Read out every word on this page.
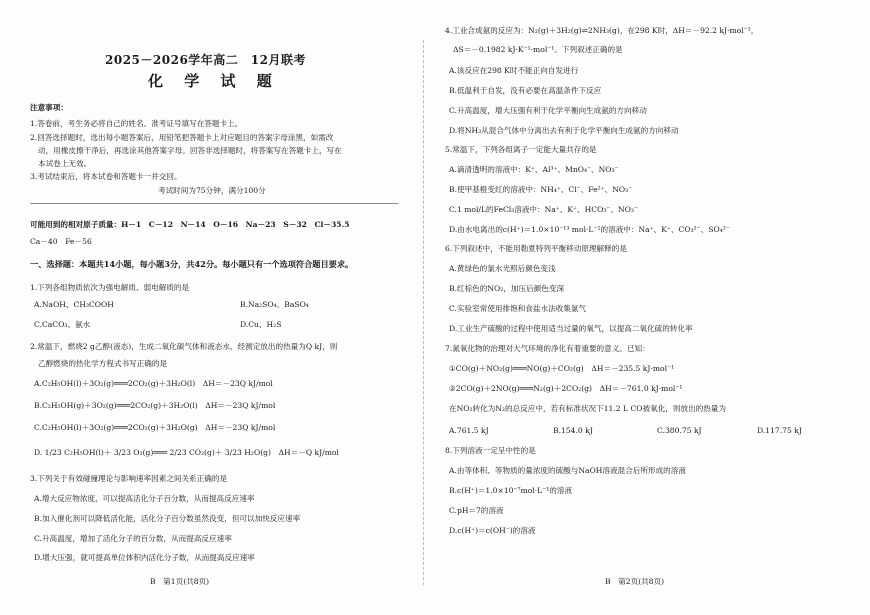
2025－2026学年高二　12月联考
化 学 试 题
注意事项：
1.答卷前，考生务必将自己的姓名、准考证号填写在答题卡上。
2.回答选择题时，选出每小题答案后，用铅笔把答题卡上对应题目的答案字母涂黑，如需改
动，用橡皮擦干净后，再选涂其他答案字母。回答非选择题时，将答案写在答题卡上，写在
本试卷上无效。
3.考试结束后，将本试卷和答题卡一并交回。
考试时间为75分钟，满分100分
可能用到的相对原子质量：H－1　C－12　N－14　O－16　Na－23　S－32　Cl－35.5
Ca－40　Fe－56
一、选择题：本题共14小题，每小题3分，共42分。每小题只有一个选项符合题目要求。
1.下列各组物质依次为强电解质、弱电解质的是
A.NaOH、CH₃COOH	B.Na₂SO₄、BaSO₄
C.CaCO₃、氨水	D.Cu、H₂S
2.常温下，燃烧2 g乙醇(液态)，生成二氧化碳气体和液态水，经测定放出的热量为Q kJ，则
乙醇燃烧的热化学方程式书写正确的是
A.C₂H₅OH(l)＋3O₂(g)═══2CO₂(g)＋3H₂O(l)　ΔH＝－23Q kJ/mol
B.C₂H₅OH(g)＋3O₂(g)═══2CO₂(g)＋3H₂O(l)　ΔH＝－23Q kJ/mol
C.C₂H₅OH(l)＋3O₂(g)═══2CO₂(g)＋3H₂O(g)　ΔH＝－23Q kJ/mol
D. 1/23 C₂H₅OH(l)＋ 3/23 O₂(g)═══ 2/23 CO₂(g)＋ 3/23 H₂O(g)　ΔH＝－Q kJ/mol
3.下列关于有效碰撞理论与影响速率因素之间关系正确的是
A.增大反应物浓度，可以提高活化分子百分数，从而提高反应速率
B.加入催化剂可以降低活化能，活化分子百分数虽然没变，但可以加快反应速率
C.升高温度，增加了活化分子的百分数，从而提高反应速率
D.增大压强，就可提高单位体积内活化分子数，从而提高反应速率
B　第1页(共8页)
4.工业合成氨的反应为：N₂(g)＋3H₂(g)⇌2NH₃(g)，在298 K时，ΔH＝－92.2 kJ·mol⁻¹，
ΔS＝－0.1982 kJ·K⁻¹·mol⁻¹。下列叙述正确的是
A.该反应在298 K时不能正向自发进行
B.低温利于自发，没有必要在高温条件下反应
C.升高温度，增大压强有利于化学平衡向生成氨的方向移动
D.将NH₃从混合气体中分离出去有利于化学平衡向生成氨的方向移动
5.常温下，下列各组离子一定能大量共存的是
A.滴清透明的溶液中：K⁺、Al³⁺、MnO₄⁻、NO₃⁻
B.使甲基橙变红的溶液中：NH₄⁺、Cl⁻、Fe²⁺、NO₃⁻
C.1 mol/L的FeCl₃溶液中：Na⁺、K⁺、HCO₃⁻、NO₃⁻
D.由水电离出的c(H⁺)＝1.0×10⁻¹³ mol·L⁻¹的溶液中：Na⁺、K⁺、CO₃²⁻、SO₄²⁻
6.下列叙述中，不能用勒夏特列平衡移动原理解释的是
A.黄绿色的氯水光照后颜色变浅
B.红棕色的NO₂，加压后颜色变深
C.实验室常使用排饱和食盐水法收集氯气
D.工业生产硫酸的过程中使用适当过量的氧气，以提高二氧化硫的转化率
7.氮氧化物的治理对大气环境的净化有着重要的意义。已知：
①CO(g)＋NO₂(g)═══NO(g)＋CO₂(g)　ΔH＝－235.5 kJ·mol⁻¹
②2CO(g)＋2NO(g)═══N₂(g)＋2CO₂(g)　ΔH＝－761.0 kJ·mol⁻¹
在NO₂转化为N₂的总反应中，若有标准状况下11.2 L CO被氧化，则放出的热量为
A.761.5 kJ	B.154.0 kJ	C.380.75 kJ	D.117.75 kJ
8.下列溶液一定呈中性的是
A.由等体积、等物质的量浓度的硫酸与NaOH溶液混合后所形成的溶液
B.c(H⁺)＝1.0×10⁻⁷mol·L⁻¹的溶液
C.pH＝7的溶液
D.c(H⁺)＝c(OH⁻)的溶液
B　第2页(共8页)
